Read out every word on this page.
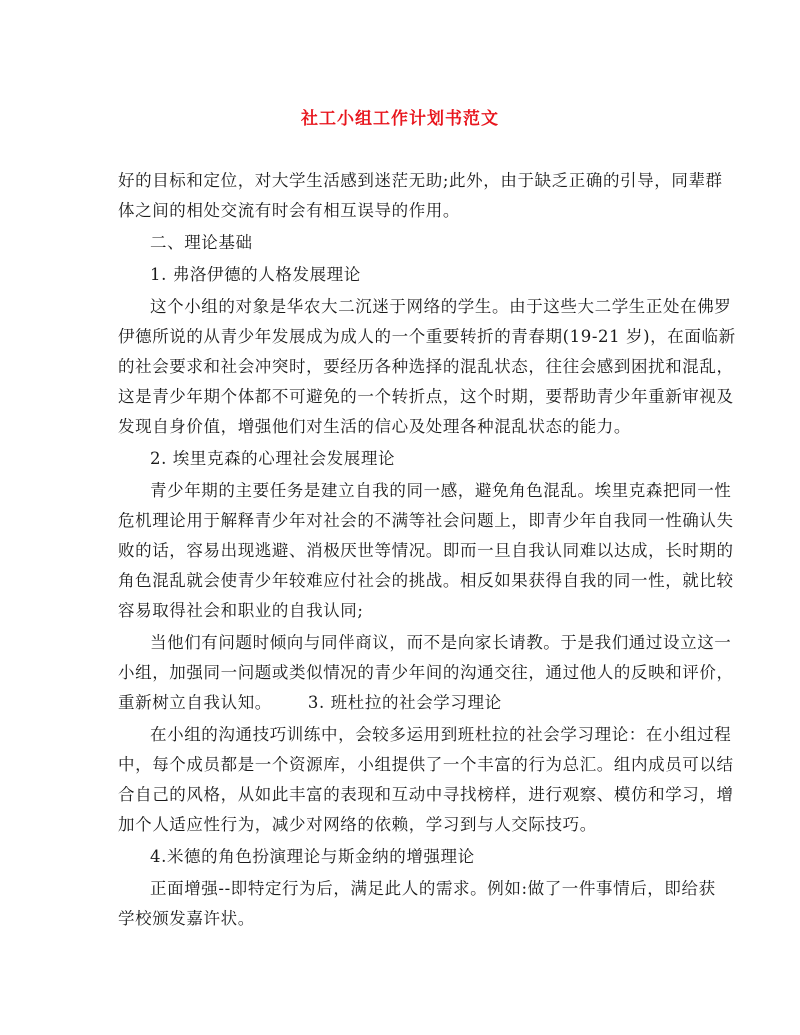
社工小组工作计划书范文
好的目标和定位，对大学生活感到迷茫无助;此外，由于缺乏正确的引导，同辈群
体之间的相处交流有时会有相互误导的作用。
二、理论基础
1. 弗洛伊德的人格发展理论
这个小组的对象是华农大二沉迷于网络的学生。由于这些大二学生正处在佛罗
伊德所说的从青少年发展成为成人的一个重要转折的青春期(19-21 岁)，在面临新
的社会要求和社会冲突时，要经历各种选择的混乱状态，往往会感到困扰和混乱，
这是青少年期个体都不可避免的一个转折点，这个时期，要帮助青少年重新审视及
发现自身价值，增强他们对生活的信心及处理各种混乱状态的能力。
2. 埃里克森的心理社会发展理论
青少年期的主要任务是建立自我的同一感，避免角色混乱。埃里克森把同一性
危机理论用于解释青少年对社会的不满等社会问题上，即青少年自我同一性确认失
败的话，容易出现逃避、消极厌世等情况。即而一旦自我认同难以达成，长时期的
角色混乱就会使青少年较难应付社会的挑战。相反如果获得自我的同一性，就比较
容易取得社会和职业的自我认同;
当他们有问题时倾向与同伴商议，而不是向家长请教。于是我们通过设立这一
小组，加强同一问题或类似情况的青少年间的沟通交往，通过他人的反映和评价，
重新树立自我认知。 3. 班杜拉的社会学习理论
在小组的沟通技巧训练中，会较多运用到班杜拉的社会学习理论：在小组过程
中，每个成员都是一个资源库，小组提供了一个丰富的行为总汇。组内成员可以结
合自己的风格，从如此丰富的表现和互动中寻找榜样，进行观察、模仿和学习，增
加个人适应性行为，减少对网络的依赖，学习到与人交际技巧。
4.米德的角色扮演理论与斯金纳的增强理论
正面增强--即特定行为后，满足此人的需求。例如:做了一件事情后，即给获
学校颁发嘉许状。
